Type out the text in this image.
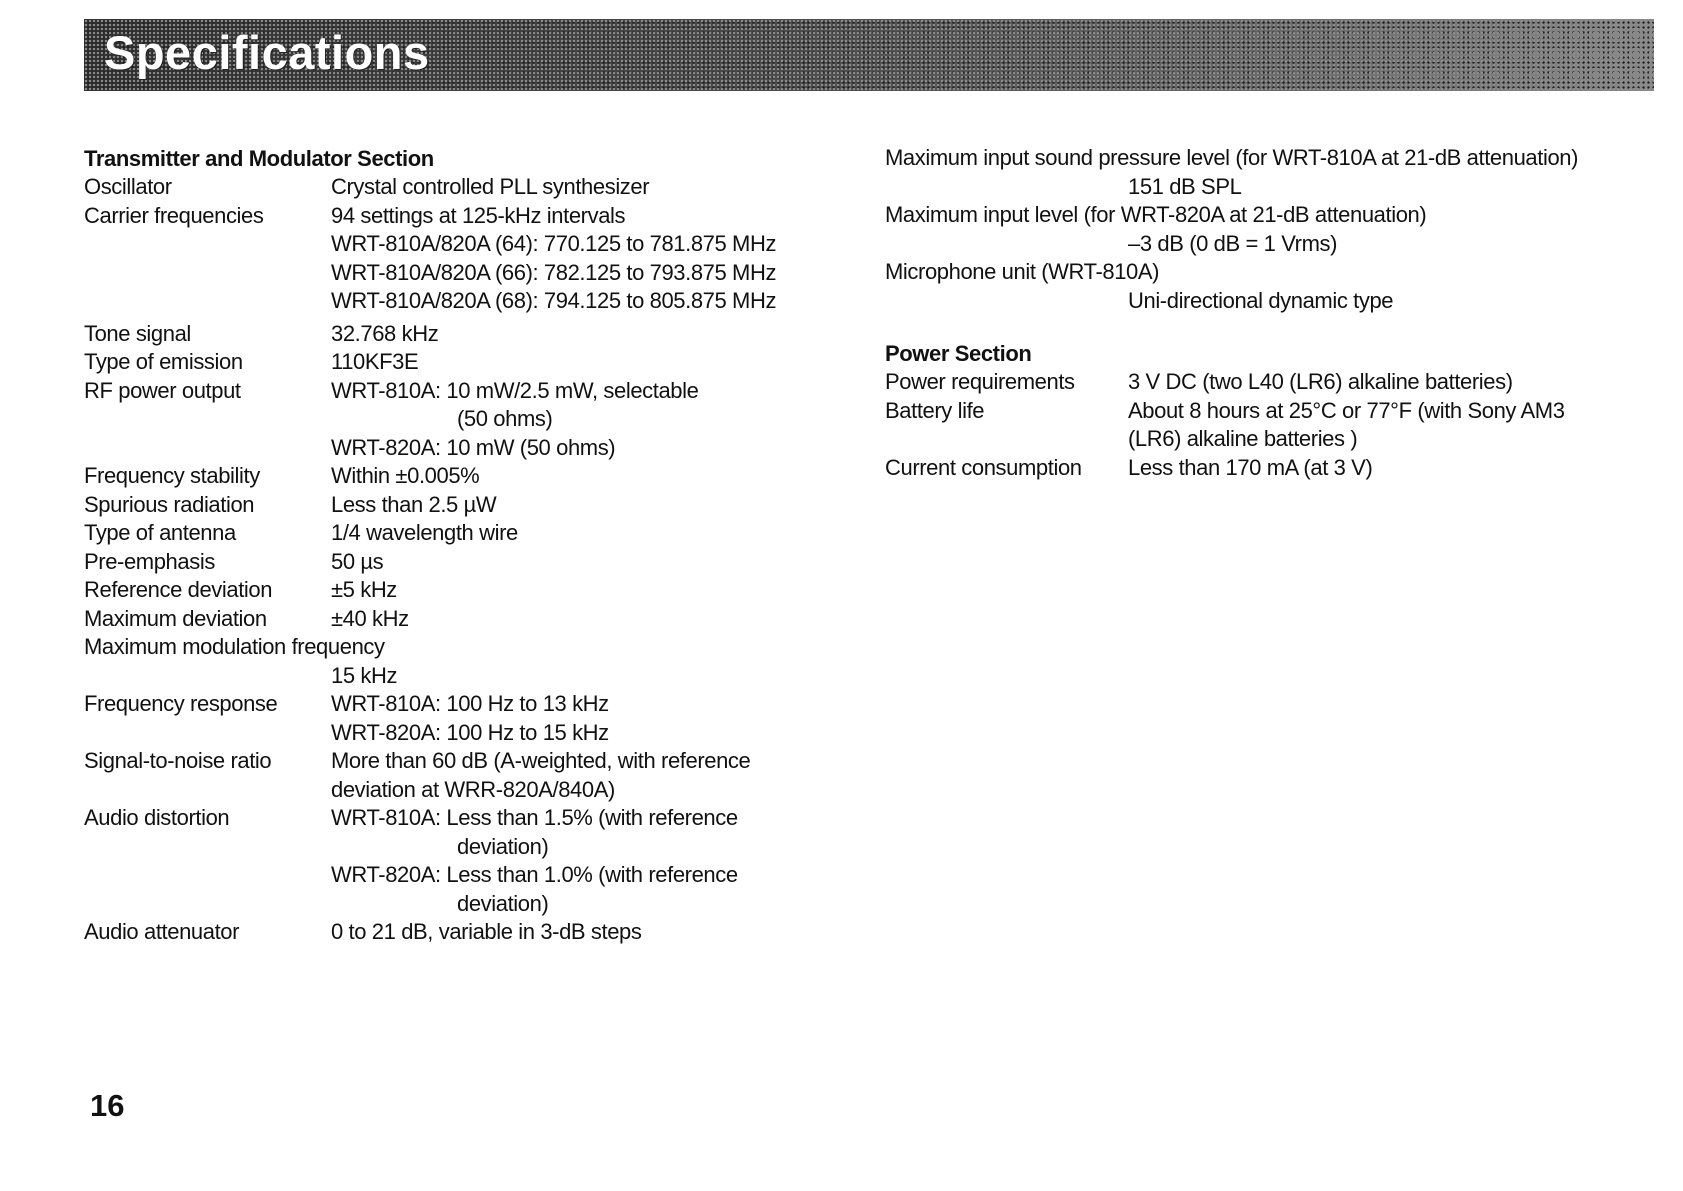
Specifications
Transmitter and Modulator Section
Oscillator	Crystal controlled PLL synthesizer
Carrier frequencies	94 settings at 125-kHz intervals
WRT-810A/820A (64): 770.125 to 781.875 MHz
WRT-810A/820A (66): 782.125 to 793.875 MHz
WRT-810A/820A (68): 794.125 to 805.875 MHz
Tone signal	32.768 kHz
Type of emission	110KF3E
RF power output	WRT-810A: 10 mW/2.5 mW, selectable
(50 ohms)
WRT-820A: 10 mW (50 ohms)
Frequency stability	Within ±0.005%
Spurious radiation	Less than 2.5 µW
Type of antenna	1/4 wavelength wire
Pre-emphasis	50 µs
Reference deviation	±5 kHz
Maximum deviation	±40 kHz
Maximum modulation frequency
15 kHz
Frequency response	WRT-810A: 100 Hz to 13 kHz
WRT-820A: 100 Hz to 15 kHz
Signal-to-noise ratio	More than 60 dB (A-weighted, with reference
deviation at WRR-820A/840A)
Audio distortion	WRT-810A: Less than 1.5% (with reference
deviation)
WRT-820A: Less than 1.0% (with reference
deviation)
Audio attenuator	0 to 21 dB, variable in 3-dB steps
Maximum input sound pressure level (for WRT-810A at 21-dB attenuation)
151 dB SPL
Maximum input level (for WRT-820A at 21-dB attenuation)
–3 dB (0 dB = 1 Vrms)
Microphone unit (WRT-810A)
Uni-directional dynamic type
Power Section
Power requirements	3 V DC (two L40 (LR6) alkaline batteries)
Battery life	About 8 hours at 25°C or 77°F (with Sony AM3
(LR6) alkaline batteries )
Current consumption	Less than 170 mA (at 3 V)
16
